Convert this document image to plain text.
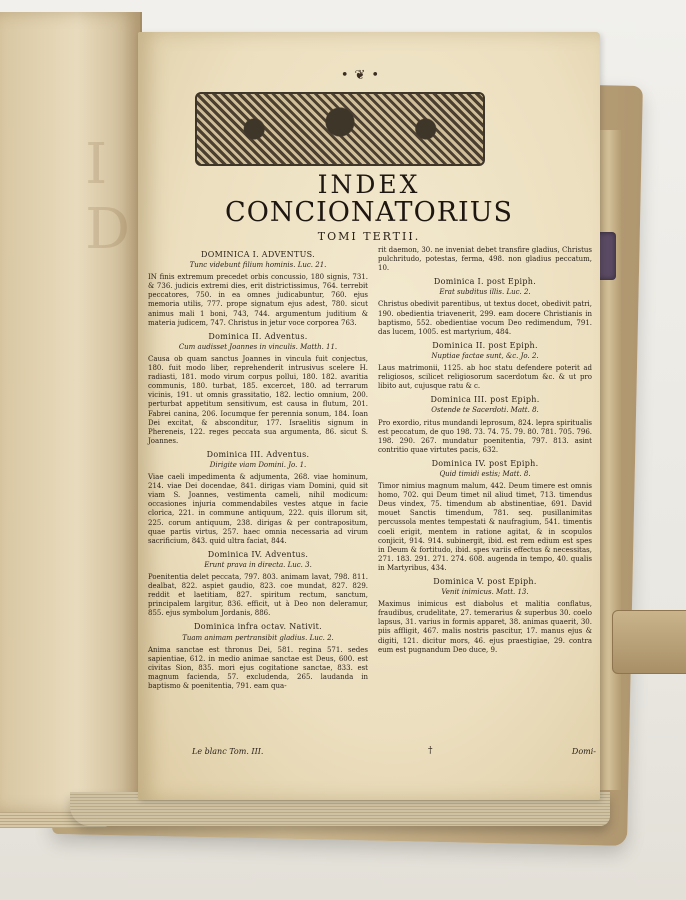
I
D
•❦•
INDEX
CONCIONATORIUS
TOMI TERTII.
DOMINICA I. ADVENTUS.
Tunc videbunt filium hominis. Luc. 21.

IN finis extremum precedet orbis concussio, 180 signis, 731. & 736. judicis extremi dies, erit districtissimus, 764. terrebit peccatores, 750. in ea omnes judicabuntur, 760. ejus memoria utilis, 777. prope signatum ejus adest, 780. sicut animus mali 1 boni, 743, 744. argumentum juditium & materia judicem, 747. Christus in jetur voce corporea 763.

Dominica II. Adventus.
Cum audisset Joannes in vinculis. Matth. 11.

Causa ob quam sanctus Joannes in vincula fuit conjectus, 180. fuit modo liber, reprehenderit intrusivus scelere H. radiasti, 181. modo virum corpus pollui, 180. 182. avaritia communis, 180. turbat, 185. excercet, 180. ad terrarum vicinis, 191. ut omnis grassitatio, 182. lectio omnium, 200. perturbat appetitum sensitivum, est causa in flutum, 201. Fabrei canina, 206. Iocumque fer perennia sonum, 184. Ioan Dei excitat, & absconditur, 177. Israelitis signum in Phereneis, 122. reges peccata sua argumenta, 86. sicut S. Joannes.

Dominica III. Adventus.
Dirigite viam Domini. Jo. 1.

Viae caeli impedimenta & adjumenta, 268. viae hominum, 214. viae Dei docendae, 841. dirigas viam Domini, quid sit viam S. Joannes, vestimenta cameli, nihil modicum: occasiones injuria commendabiles vestes atque in facie clorica, 221. in commune antiquum, 222. quis illorum sit, 225. corum antiquum, 238. dirigas & per contrapositum, quae partis virtus, 257. haec omnia necessaria ad virum sacrificium, 843. quid ultra faciat, 844.

Dominica IV. Adventus.
Erunt prava in directa. Luc. 3.

Poenitentia delet peccata, 797. 803. animam lavat, 798. 811. dealbat, 822. aspiet gaudio, 823. coe mundat, 827. 829. reddit et laetitiam, 827. spiritum rectum, sanctum, principalem largitur, 836. efficit, ut à Deo non deleramur, 855. ejus symbolum Jordanis, 886.

Dominica infra octav. Nativit.
Tuam animam pertransibit gladius. Luc. 2.

Anima sanctae est thronus Dei, 581. regina 571. sedes sapientiae, 612. in medio animae sanctae est Deus, 600. est civitas Sion, 835. mori ejus cogitatione sanctae, 833. est magnum facienda, 57. excludenda, 265. laudanda in baptismo & poenitentia, 791. eam qua-

rit daemon, 30. ne inveniat debet transfire gladius, Christus pulchritudo, potestas, ferma, 498. non gladius peccatum, 10.

Dominica I. post Epiph.
Erat subditus illis. Luc. 2.

Christus obedivit parentibus, ut textus docet, obedivit patri, 190. obedientia triavenerit, 299. eam docere Christianis in baptismo, 552. obedientiae vocum Deo redimendum, 791. das lucem, 1005. est martyrium, 484.

Dominica II. post Epiph.
Nuptiae factae sunt, &c. Jo. 2.

Laus matrimonii, 1125. ab hoc statu defendere poterit ad religiosos, scilicet religiosorum sacerdotum &c. & ut pro libito aut, cujusque ratu & c.

Dominica III. post Epiph.
Ostende te Sacerdoti. Matt. 8.

Pro exordio, ritus mundandi leprosum, 824. lepra spiritualis est peccatum, de quo 198. 73. 74. 75. 79. 80. 781. 705. 796. 198. 290. 267. mundatur poenitentia, 797. 813. asint contritio quae virtutes pacis, 632.

Dominica IV. post Epiph.
Quid timidi estis; Matt. 8.

Timor nimius magnum malum, 442. Deum timere est omnis homo, 702. qui Deum timet nil aliud timet, 713. timendus Deus vindex, 75. timendum ab abstinentiae, 691. David mouet Sanctis timendum, 781. seq. pusillanimitas percussola mentes tempestati & naufragium, 541. timentis coeli erigit, mentem in ratione agitat, & in scopulos conjicit, 914. 914. subinergit, ibid. est rem edium est spes in Deum & fortitudo, ibid. spes variis effectus & necessitas, 271. 183. 291. 271. 274. 608. augenda in tempo, 40. qualis in Martyribus, 434.

Dominica V. post Epiph.
Venit inimicus. Matt. 13.

Maximus inimicus est diabolus et malitia conflatus, fraudibus, crudelitate, 27. temerarius & superbus 30. coelo lapsus, 31. varius in formis apparet, 38. animas quaerit, 30. piis affligit, 467. malis nostris pascitur, 17. manus ejus & digiti, 121. dicitur mors, 46. ejus praestigiae, 29. contra eum est pugnandum Deo duce, 9.

Le blanc Tom. III.	†	Domi-
